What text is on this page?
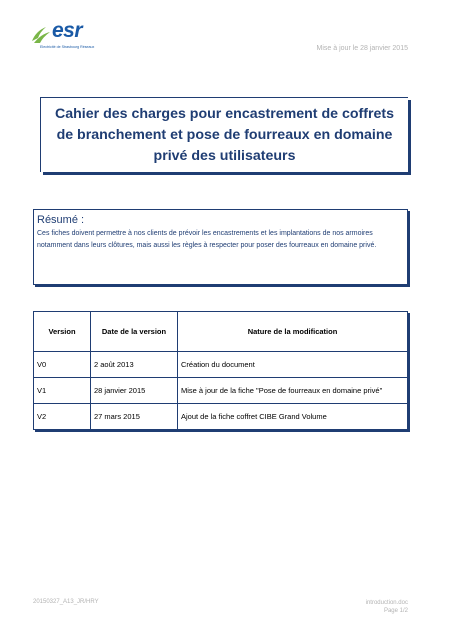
esr
Electricité de Strasbourg Réseaux	Mise à jour le 28 janvier 2015
Cahier des charges pour encastrement de coffrets de branchement et pose de fourreaux en domaine privé des utilisateurs
Résumé :
Ces fiches doivent permettre à nos clients de prévoir les encastrements et les implantations de nos armoires notamment dans leurs clôtures, mais aussi les règles à respecter pour poser des fourreaux en domaine privé.
Version	Date de la version	Nature de la modification
V0	2 août 2013	Création du document
V1	28 janvier 2015	Mise à jour de la fiche "Pose de fourreaux en domaine privé"
V2	27 mars 2015	Ajout de la fiche coffret CIBE Grand Volume
20150327_A13_JR/HRY	introduction.doc
Page 1/2
